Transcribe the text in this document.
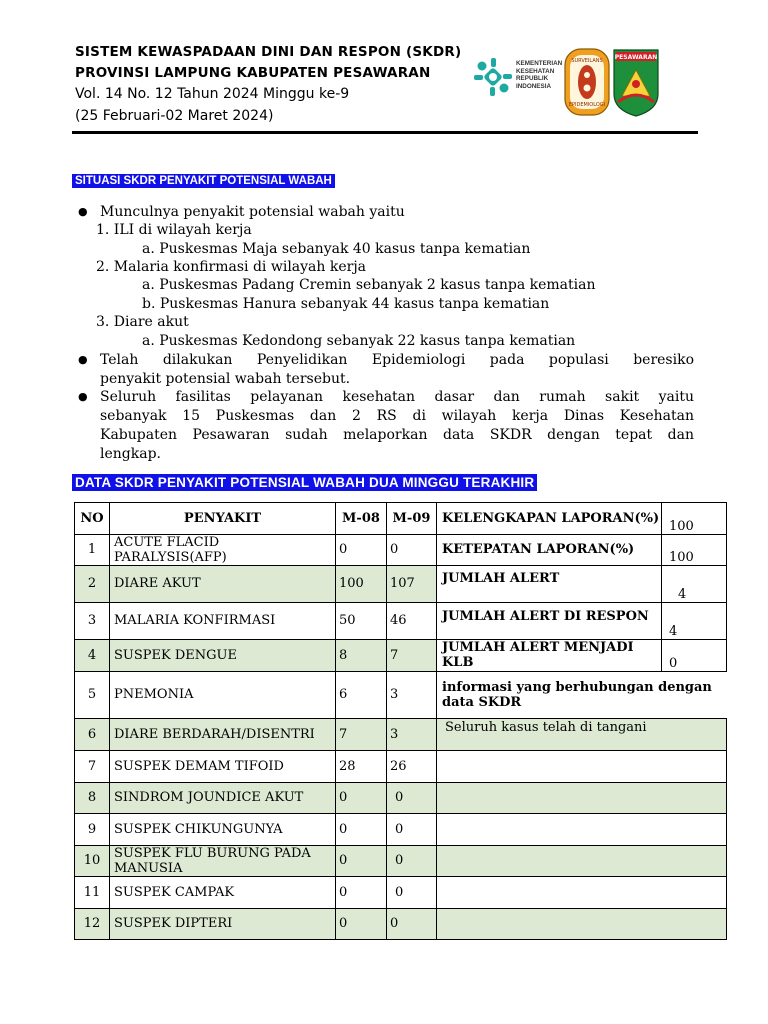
SISTEM KEWASPADAAN DINI DAN RESPON (SKDR)
PROVINSI LAMPUNG KABUPATEN PESAWARAN
Vol. 14 No. 12 Tahun 2024 Minggu ke-9
(25 Februari-02 Maret 2024)
KEMENTERIAN
KESEHATAN
REPUBLIK
INDONESIA
SURVEILANS
EPIDEMIOLOGI
PESAWARAN
SITUASI SKDR PENYAKIT POTENSIAL WABAH
● Munculnya penyakit potensial wabah yaitu
1. ILI di wilayah kerja
a. Puskesmas Maja sebanyak 40 kasus tanpa kematian
2. Malaria konfirmasi di wilayah kerja
a. Puskesmas Padang Cremin sebanyak 2 kasus tanpa kematian
b. Puskesmas Hanura sebanyak 44 kasus tanpa kematian
3. Diare akut
a. Puskesmas Kedondong sebanyak 22 kasus tanpa kematian
● Telah dilakukan Penyelidikan Epidemiologi pada populasi beresiko
penyakit potensial wabah tersebut.
● Seluruh fasilitas pelayanan kesehatan dasar dan rumah sakit yaitu
sebanyak 15 Puskesmas dan 2 RS di wilayah kerja Dinas Kesehatan
Kabupaten Pesawaran sudah melaporkan data SKDR dengan tepat dan
lengkap.
DATA SKDR PENYAKIT POTENSIAL WABAH DUA MINGGU TERAKHIR
NO	PENYAKIT	M-08	M-09	KELENGKAPAN LAPORAN(%)	100
1	ACUTE FLACID PARALYSIS(AFP)	0	0	KETEPATAN LAPORAN(%)	100
2	DIARE AKUT	100	107	JUMLAH ALERT	4
3	MALARIA KONFIRMASI	50	46	JUMLAH ALERT DI RESPON	4
4	SUSPEK DENGUE	8	7	JUMLAH ALERT MENJADI KLB	0
5	PNEMONIA	6	3	informasi yang berhubungan dengan data SKDR	
6	DIARE BERDARAH/DISENTRI	7	3	Seluruh kasus telah di tangani	
7	SUSPEK DEMAM TIFOID	28	26		
8	SINDROM JOUNDICE AKUT	0	0		
9	SUSPEK CHIKUNGUNYA	0	0		
10	SUSPEK FLU BURUNG PADA MANUSIA	0	0		
11	SUSPEK CAMPAK	0	0		
12	SUSPEK DIPTERI	0	0		
